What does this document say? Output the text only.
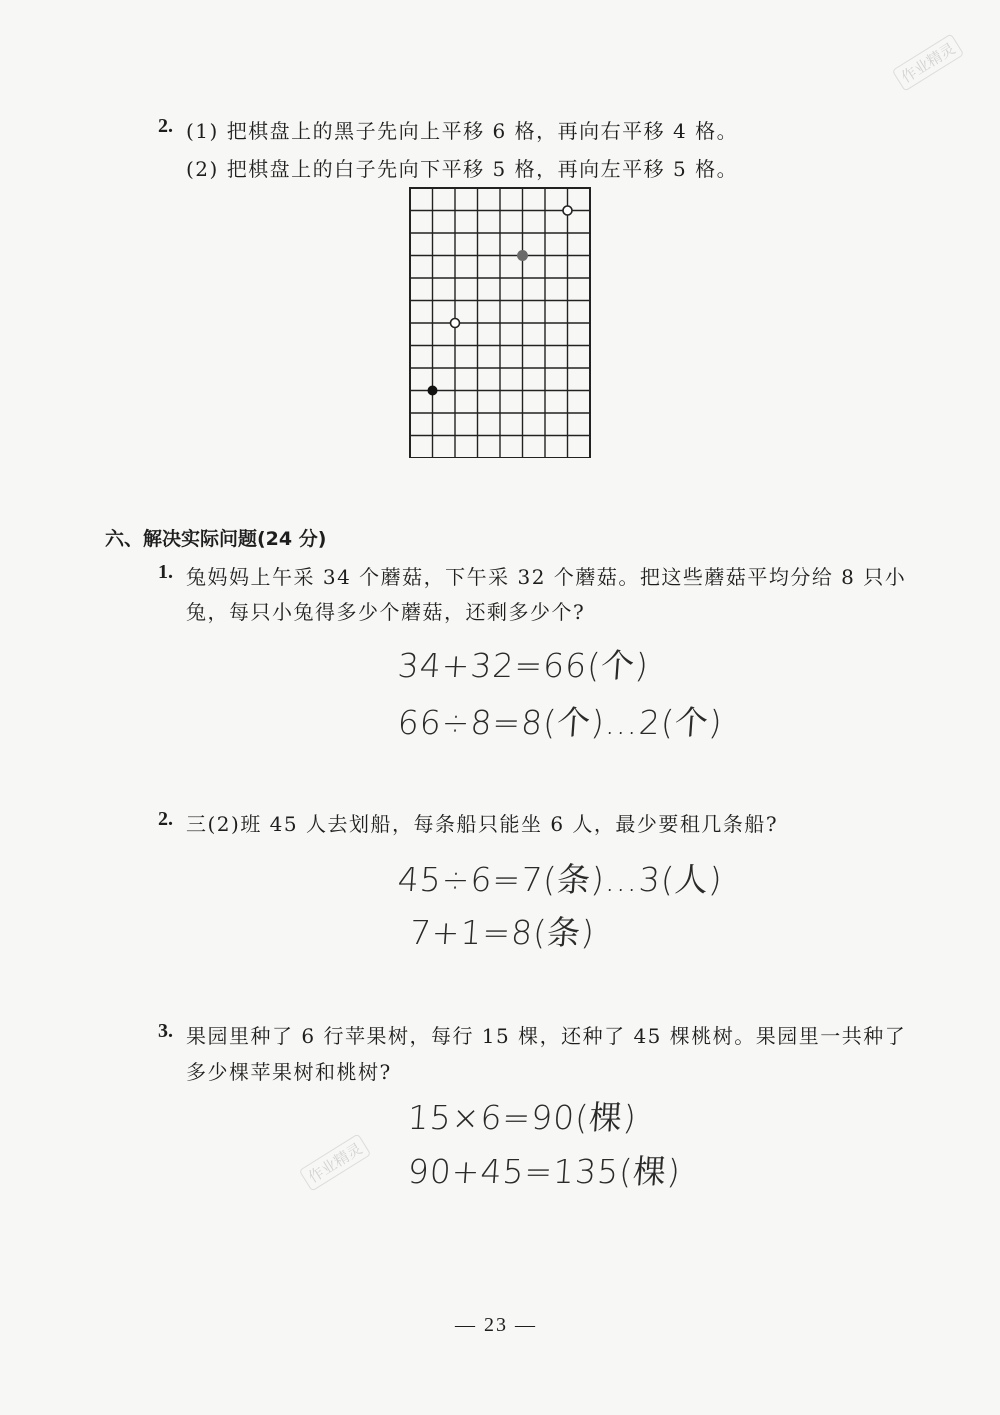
作业精灵
作业精灵
2. (1) 把棋盘上的黑子先向上平移 6 格，再向右平移 4 格。
(2) 把棋盘上的白子先向下平移 5 格，再向左平移 5 格。
六、解决实际问题(24 分)
1. 兔妈妈上午采 34 个蘑菇，下午采 32 个蘑菇。把这些蘑菇平均分给 8 只小
兔，每只小兔得多少个蘑菇，还剩多少个?
34+32=66(个)
66÷8=8(个)…2(个)
2. 三(2)班 45 人去划船，每条船只能坐 6 人，最少要租几条船?
45÷6=7(条)…3(人)
7+1=8(条)
3. 果园里种了 6 行苹果树，每行 15 棵，还种了 45 棵桃树。果园里一共种了
多少棵苹果树和桃树?
15×6=90(棵)
90+45=135(棵)
— 23 —
